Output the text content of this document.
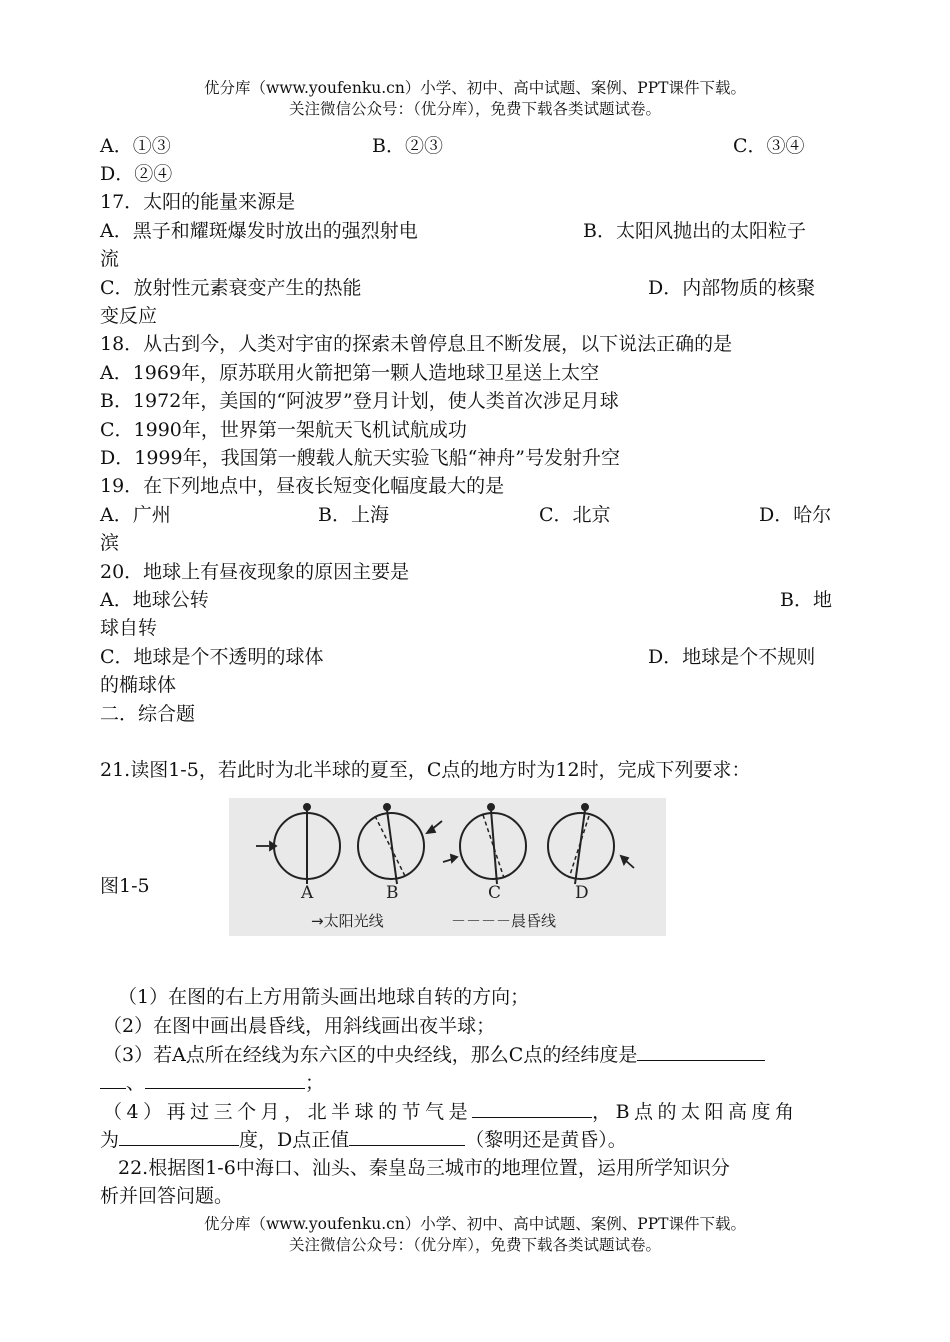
优分库（www.youfenku.cn）小学、初中、高中试题、案例、PPT课件下载。
关注微信公众号：（优分库），免费下载各类试题试卷。
A．①③	B．②③	C．③④
D．②④
17．太阳的能量来源是
A．黑子和耀斑爆发时放出的强烈射电	B．太阳风抛出的太阳粒子
流
C．放射性元素衰变产生的热能	D．内部物质的核聚
变反应
18．从古到今，人类对宇宙的探索未曾停息且不断发展，以下说法正确的是
A．1969年，原苏联用火箭把第一颗人造地球卫星送上太空
B．1972年，美国的“阿波罗”登月计划，使人类首次涉足月球
C．1990年，世界第一架航天飞机试航成功
D．1999年，我国第一艘载人航天实验飞船“神舟”号发射升空
19．在下列地点中，昼夜长短变化幅度最大的是
A．广州	B．上海	C．北京	D．哈尔
滨
20．地球上有昼夜现象的原因主要是
A．地球公转	B．地
球自转
C．地球是个不透明的球体	D．地球是个不规则
的椭球体
二．综合题
21.读图1-5，若此时为北半球的夏至，C点的地方时为12时，完成下列要求：
图1-5	A	B	C	D
→太阳光线	－－－－晨昏线
（1）在图的右上方用箭头画出地球自转的方向；
（2）在图中画出晨昏线，用斜线画出夜半球；
（3）若A点所在经线为东六区的中央经线，那么C点的经纬度是
、	；
（4）再过三个月，北半球的节气是	，B点的太阳高度角
为	度，D点正值	（黎明还是黄昏）。
22.根据图1-6中海口、汕头、秦皇岛三城市的地理位置，运用所学知识分
析并回答问题。
优分库（www.youfenku.cn）小学、初中、高中试题、案例、PPT课件下载。
关注微信公众号：（优分库），免费下载各类试题试卷。
